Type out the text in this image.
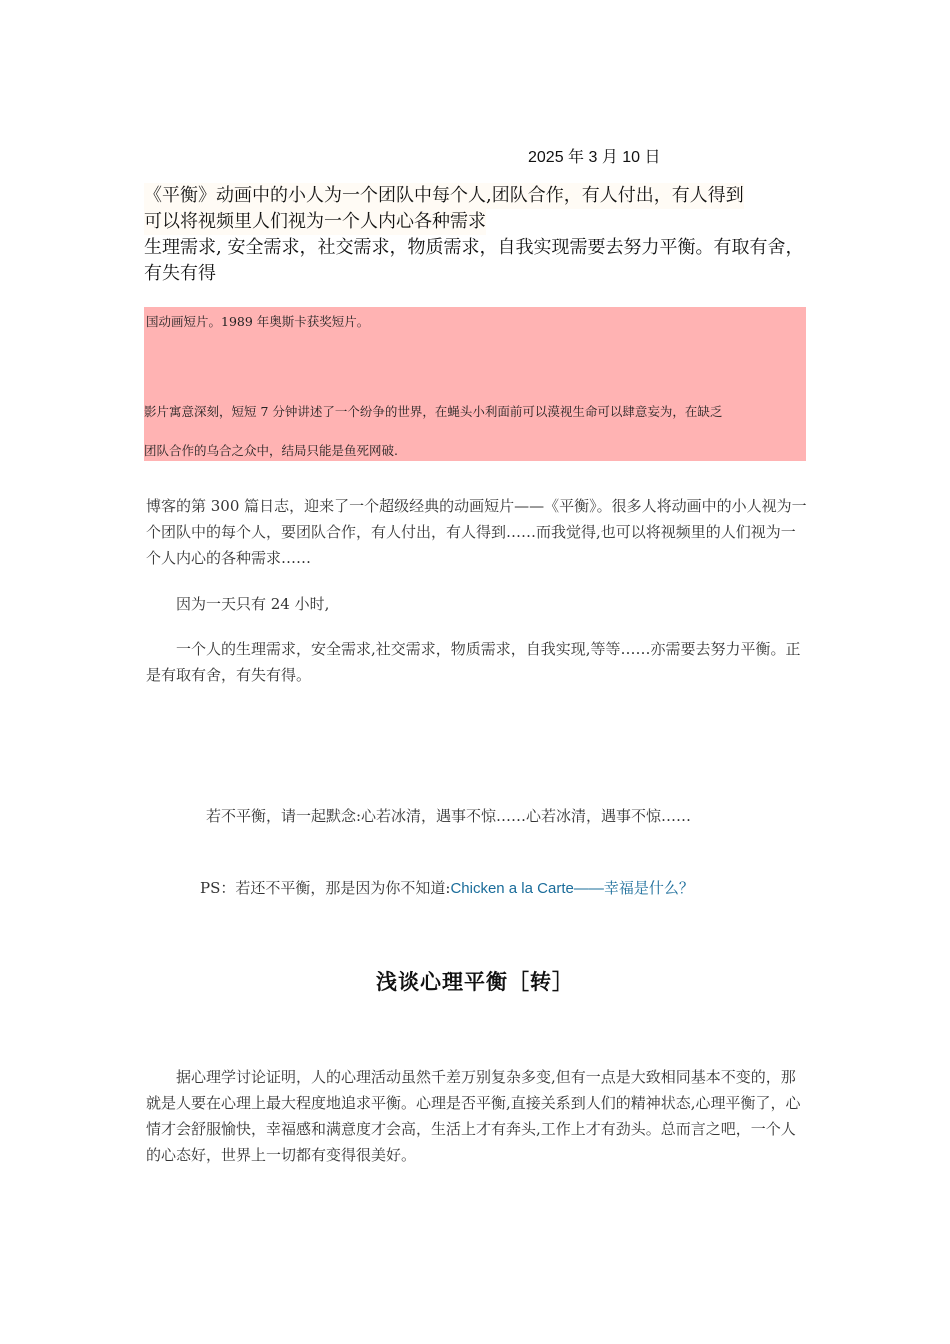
2025 年 3 月 10 日
《平衡》动画中的小人为一个团队中每个人,团队合作，有人付出，有人得到
可以将视频里人们视为一个人内心各种需求
生理需求, 安全需求，社交需求，物质需求，自我实现需要去努力平衡。有取有舍，有失有得
国动画短片。1989 年奥斯卡获奖短片。
影片寓意深刻，短短 7 分钟讲述了一个纷争的世界，在蝇头小利面前可以漠视生命可以肆意妄为，在缺乏
团队合作的乌合之众中，结局只能是鱼死网破.
博客的第 300 篇日志，迎来了一个超级经典的动画短片——《平衡》。很多人将动画中的小人视为一个团队中的每个人，要团队合作，有人付出，有人得到……而我觉得,也可以将视频里的人们视为一个人内心的各种需求……
因为一天只有 24 小时,
一个人的生理需求，安全需求,社交需求，物质需求，自我实现,等等……亦需要去努力平衡。正是有取有舍，有失有得。
若不平衡，请一起默念:心若冰清，遇事不惊……心若冰清，遇事不惊……
PS：若还不平衡，那是因为你不知道:Chicken a la Carte——幸福是什么？
浅谈心理平衡［转］
据心理学讨论证明，人的心理活动虽然千差万别复杂多变,但有一点是大致相同基本不变的，那就是人要在心理上最大程度地追求平衡。心理是否平衡,直接关系到人们的精神状态,心理平衡了，心情才会舒服愉快，幸福感和满意度才会高，生活上才有奔头,工作上才有劲头。总而言之吧，一个人的心态好，世界上一切都有变得很美好。
